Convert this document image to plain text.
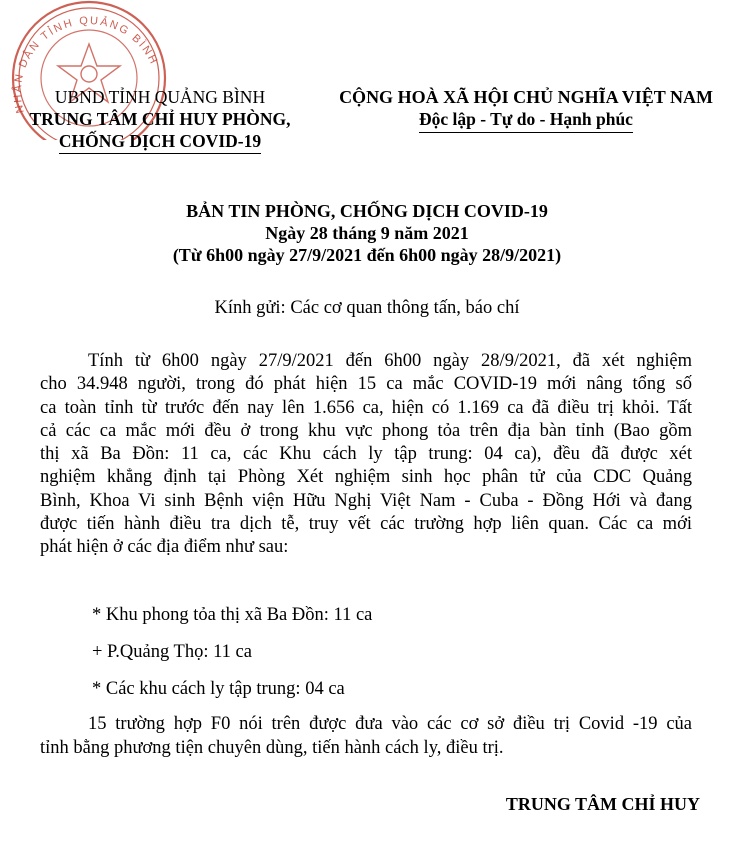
NHÂN DÂN TỈNH QUẢNG BÌNH
UBND TỈNH QUẢNG BÌNH
TRUNG TÂM CHỈ HUY PHÒNG,
CHỐNG DỊCH COVID-19
CỘNG HOÀ XÃ HỘI CHỦ NGHĨA VIỆT NAM
Độc lập - Tự do - Hạnh phúc
BẢN TIN PHÒNG, CHỐNG DỊCH COVID-19
Ngày 28 tháng 9 năm 2021
(Từ 6h00 ngày 27/9/2021 đến 6h00 ngày 28/9/2021)
Kính gửi: Các cơ quan thông tấn, báo chí
Tính từ 6h00 ngày 27/9/2021 đến 6h00 ngày 28/9/2021, đã xét nghiệm
cho 34.948 người, trong đó phát hiện 15 ca mắc COVID-19 mới nâng tổng số
ca toàn tỉnh từ trước đến nay lên 1.656 ca, hiện có 1.169 ca đã điều trị khỏi. Tất
cả các ca mắc mới đều ở trong khu vực phong tỏa trên địa bàn tỉnh (Bao gồm
thị xã Ba Đồn: 11 ca, các Khu cách ly tập trung: 04 ca), đều đã được xét
nghiệm khẳng định tại Phòng Xét nghiệm sinh học phân tử của CDC Quảng
Bình, Khoa Vi sinh Bệnh viện Hữu Nghị Việt Nam - Cuba - Đồng Hới và đang
được tiến hành điều tra dịch tễ, truy vết các trường hợp liên quan. Các ca mới
phát hiện ở các địa điểm như sau:
* Khu phong tỏa thị xã Ba Đồn: 11 ca
+ P.Quảng Thọ: 11 ca
* Các khu cách ly tập trung: 04 ca
15 trường hợp F0 nói trên được đưa vào các cơ sở điều trị Covid -19 của
tỉnh bằng phương tiện chuyên dùng, tiến hành cách ly, điều trị.
TRUNG TÂM CHỈ HUY
